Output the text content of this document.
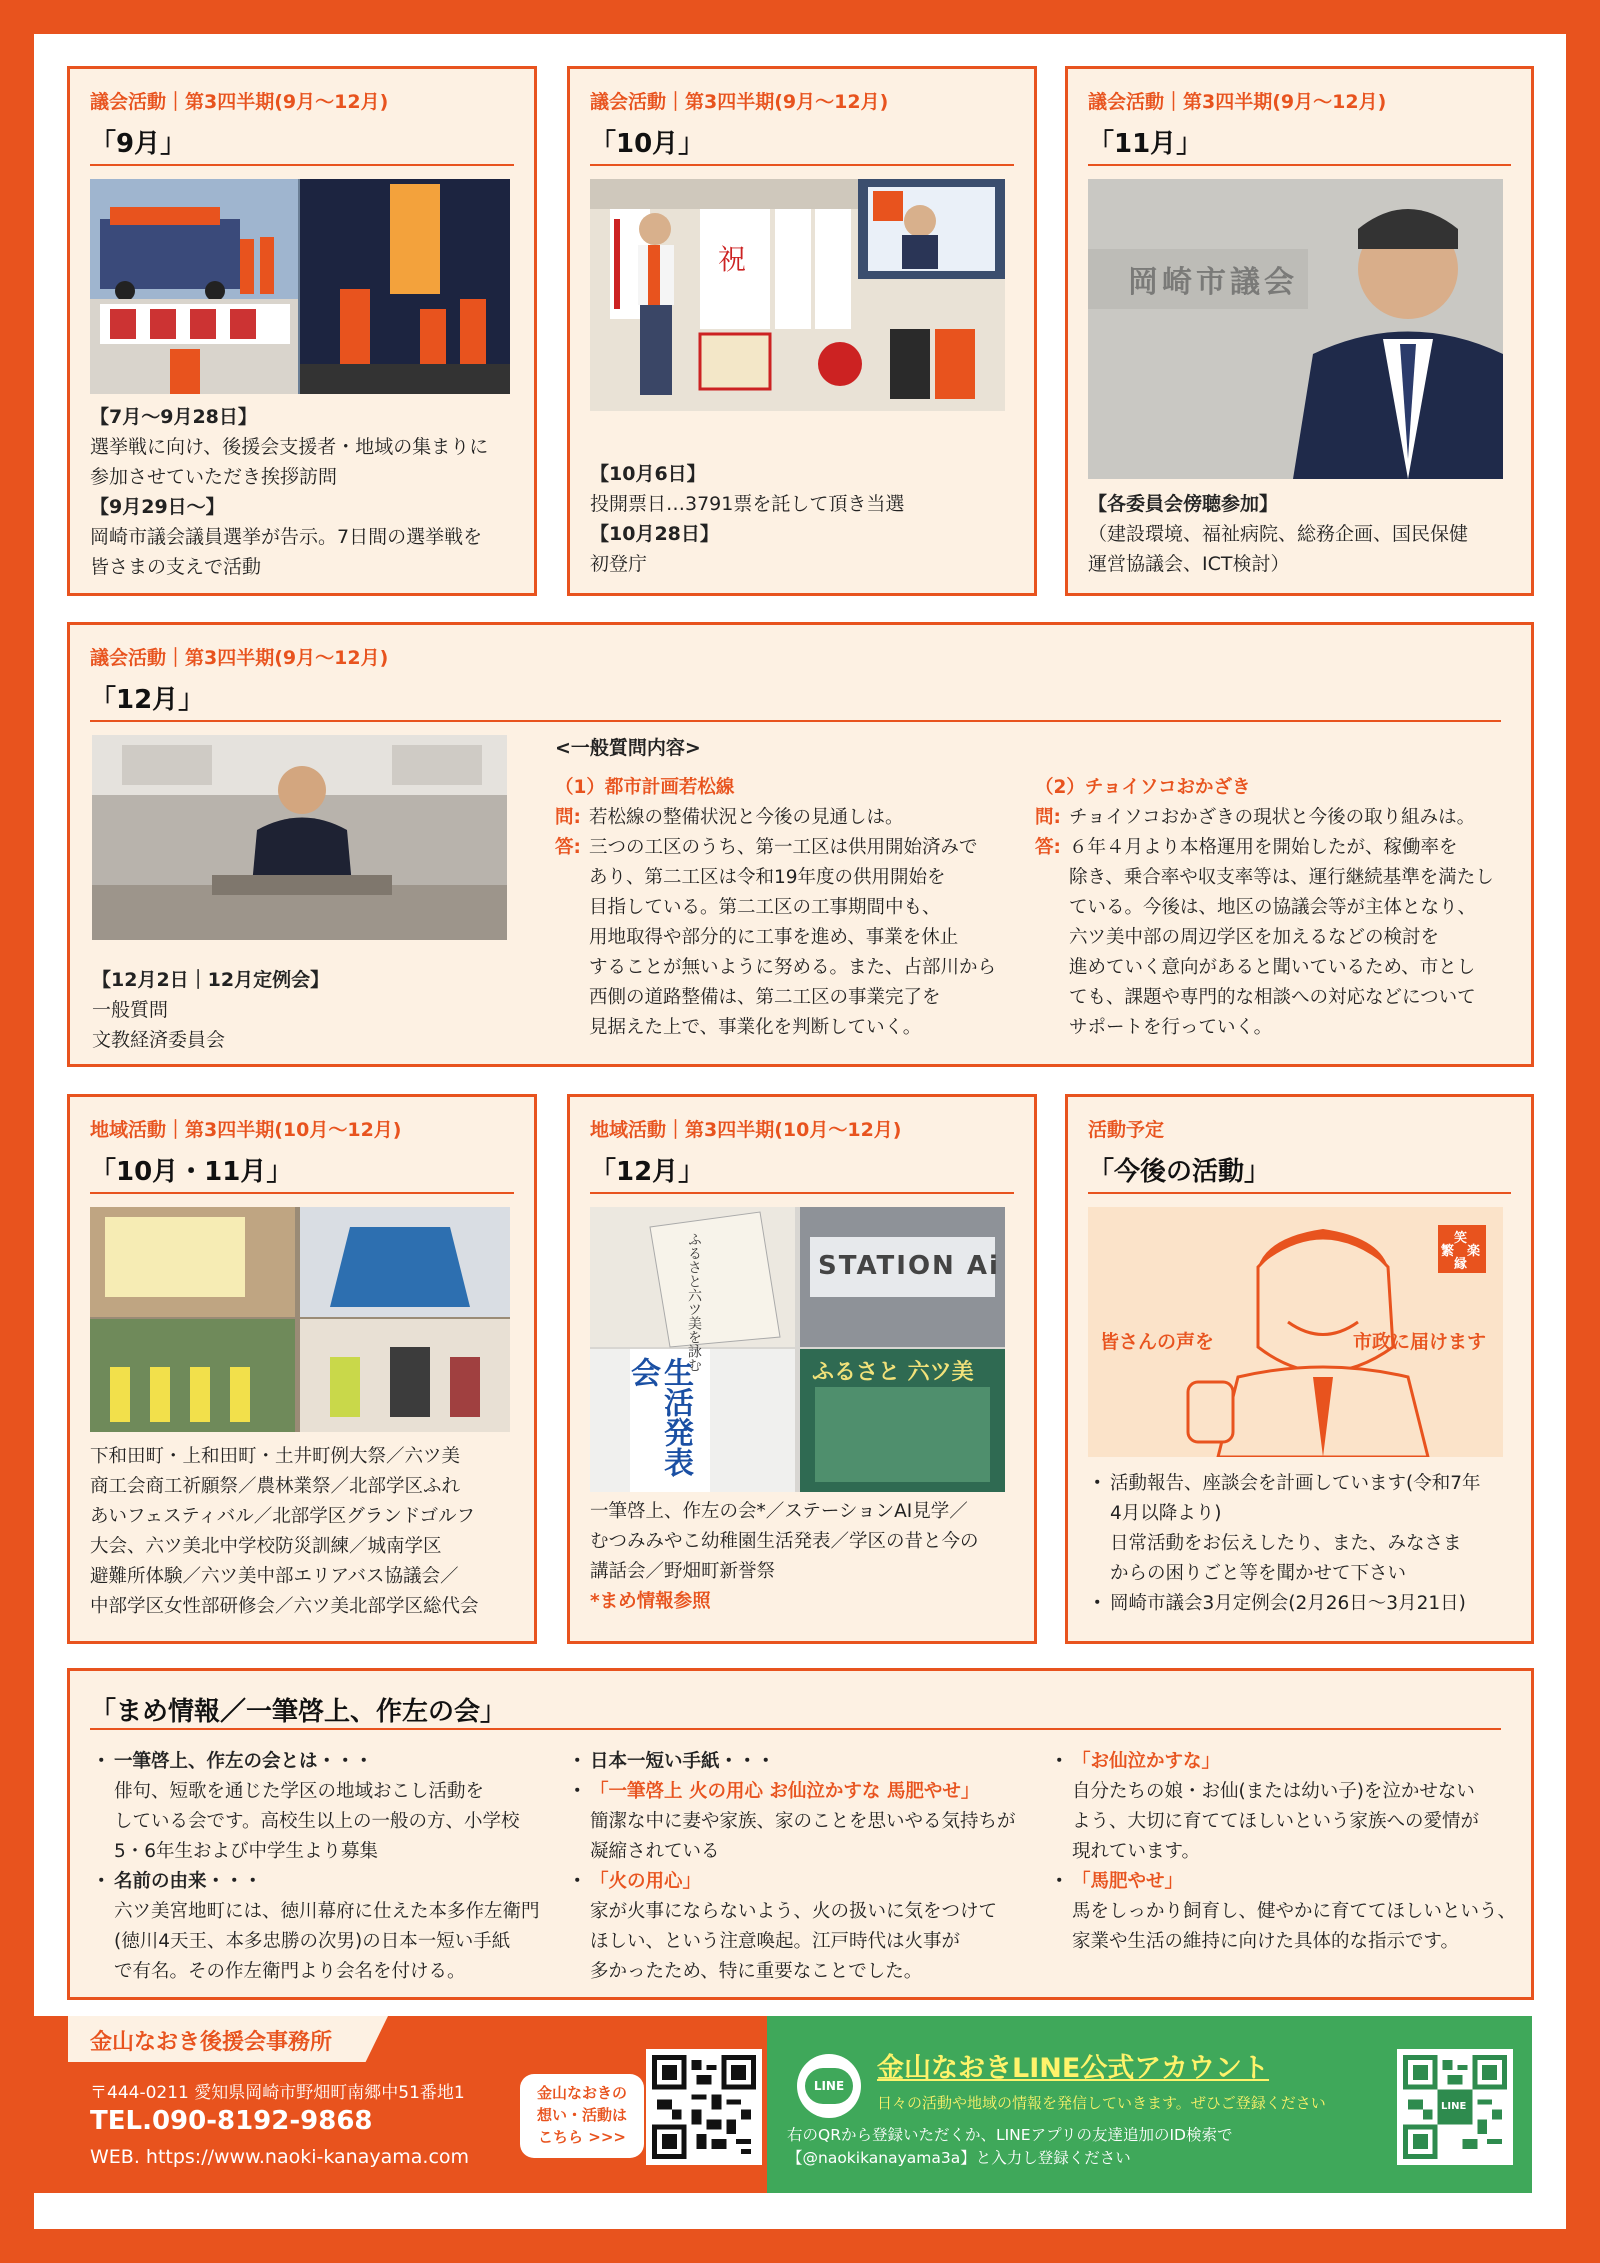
議会活動｜第3四半期(9月〜12月)
「9月」
【7月〜9月28日】
選挙戦に向け、後援会支援者・地域の集まりに
参加させていただき挨拶訪問
【9月29日〜】
岡崎市議会議員選挙が告示。7日間の選挙戦を
皆さまの支えで活動
議会活動｜第3四半期(9月〜12月)
「10月」
祝
【10月6日】
投開票日…3791票を託して頂き当選
【10月28日】
初登庁
議会活動｜第3四半期(9月〜12月)
「11月」
岡崎市議会
【各委員会傍聴参加】
（建設環境、福祉病院、総務企画、国民保健
運営協議会、ICT検討）
議会活動｜第3四半期(9月〜12月)
「12月」
【12月2日｜12月定例会】
一般質問
文教経済委員会
<一般質問内容>
（1）都市計画若松線
問: 若松線の整備状況と今後の見通しは。
答: 三つの工区のうち、第一工区は供用開始済みで
あり、第二工区は令和19年度の供用開始を
目指している。第二工区の工事期間中も、
用地取得や部分的に工事を進め、事業を休止
することが無いように努める。また、占部川から
西側の道路整備は、第二工区の事業完了を
見据えた上で、事業化を判断していく。
（2）チョイソコおかざき
問: チョイソコおかざきの現状と今後の取り組みは。
答: ６年４月より本格運用を開始したが、稼働率を
除き、乗合率や収支率等は、運行継続基準を満たし
ている。今後は、地区の協議会等が主体となり、
六ツ美中部の周辺学区を加えるなどの検討を
進めていく意向があると聞いているため、市とし
ても、課題や専門的な相談への対応などについて
サポートを行っていく。
地域活動｜第3四半期(10月〜12月)
「10月・11月」
下和田町・上和田町・土井町例大祭／六ツ美
商工会商工祈願祭／農林業祭／北部学区ふれ
あいフェスティバル／北部学区グランドゴルフ
大会、六ツ美北中学校防災訓練／城南学区
避難所体験／六ツ美中部エリアバス協議会／
中部学区女性部研修会／六ツ美北部学区総代会
地域活動｜第3四半期(10月〜12月)
「12月」
ふるさと六ツ美を詠む	STATION Ai
生活発表会	ふるさと 六ツ美
一筆啓上、作左の会*／ステーションAI見学／
むつみみやこ幼稚園生活発表／学区の昔と今の
講話会／野畑町新誉祭
*まめ情報参照
活動予定
「今後の活動」
笑
繁 楽
縁
皆さんの声を	市政に届けます
・ 活動報告、座談会を計画しています(令和7年
4月以降より)
日常活動をお伝えしたり、また、みなさま
からの困りごと等を聞かせて下さい
・ 岡崎市議会3月定例会(2月26日〜3月21日)
「まめ情報／一筆啓上、作左の会」
・ 一筆啓上、作左の会とは・・・
俳句、短歌を通じた学区の地域おこし活動を
している会です。高校生以上の一般の方、小学校
5・6年生および中学生より募集
・ 名前の由来・・・
六ツ美宮地町には、徳川幕府に仕えた本多作左衛門
(徳川4天王、本多忠勝の次男)の日本一短い手紙
で有名。その作左衛門より会名を付ける。
・ 日本一短い手紙・・・
・ 「一筆啓上 火の用心 お仙泣かすな 馬肥やせ」
簡潔な中に妻や家族、家のことを思いやる気持ちが
凝縮されている
・ 「火の用心」
家が火事にならないよう、火の扱いに気をつけて
ほしい、という注意喚起。江戸時代は火事が
多かったため、特に重要なことでした。
・ 「お仙泣かすな」
自分たちの娘・お仙(または幼い子)を泣かせない
よう、大切に育ててほしいという家族への愛情が
現れています。
・ 「馬肥やせ」
馬をしっかり飼育し、健やかに育ててほしいという、
家業や生活の維持に向けた具体的な指示です。
金山なおき後援会事務所
〒444-0211 愛知県岡崎市野畑町南郷中51番地1
TEL.090-8192-9868
WEB. https://www.naoki-kanayama.com
金山なおきの
想い・活動は
こちら >>>
LINE
金山なおきLINE公式アカウント
日々の活動や地域の情報を発信していきます。ぜひご登録ください
右のQRから登録いただくか、LINEアプリの友達追加のID検索で
【@naokikanayama3a】と入力し登録ください
LINE
